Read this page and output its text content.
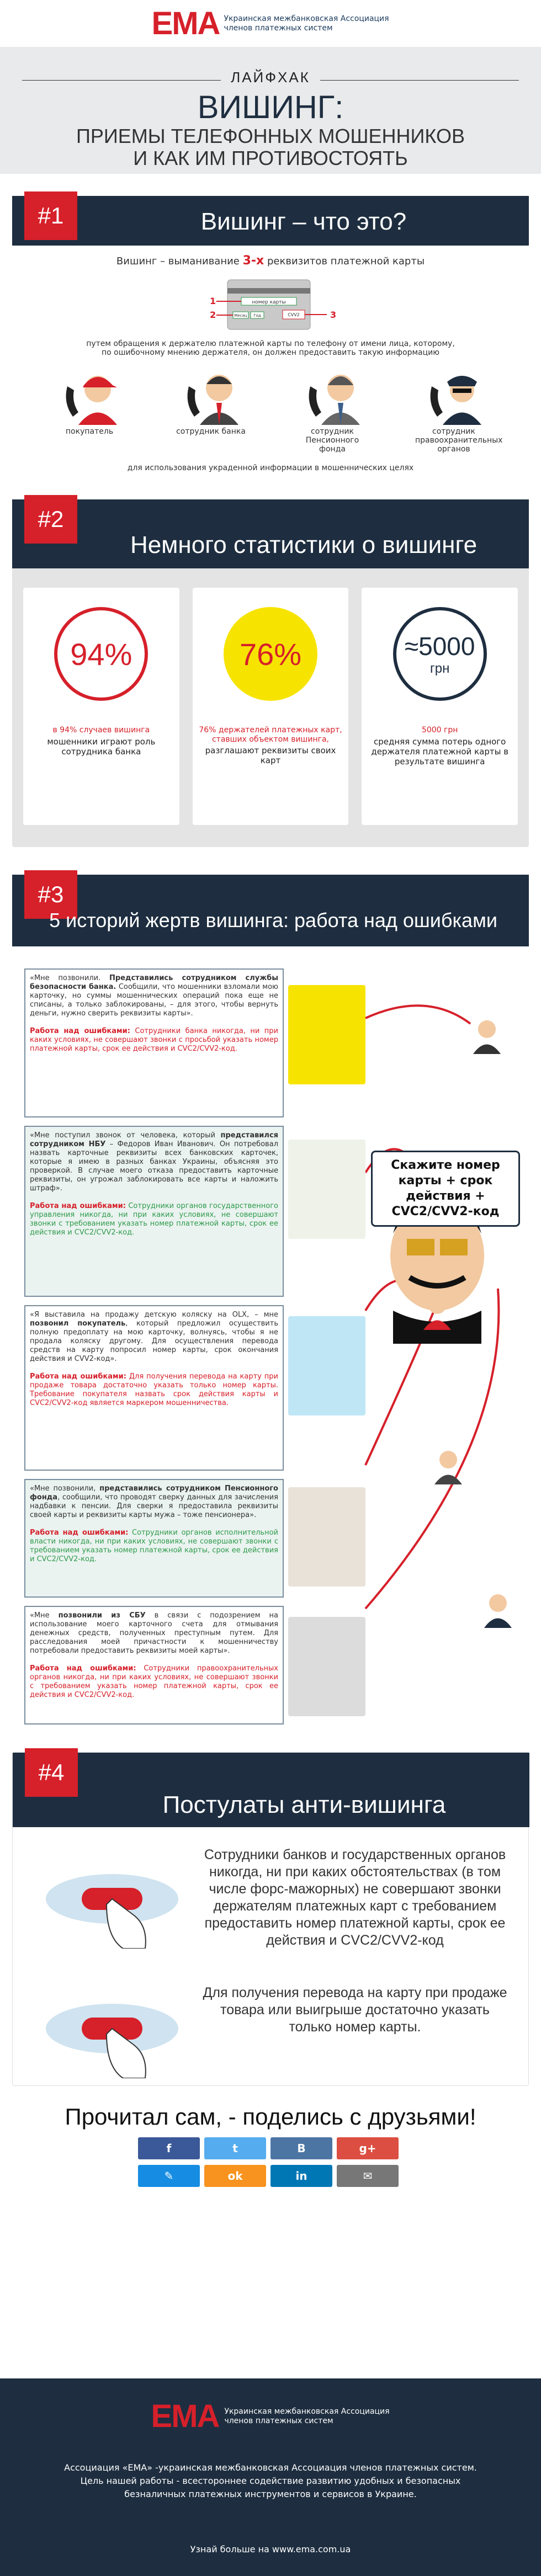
ЕМА Украинская межбанковская Ассоциация членов платежных систем
ЛАЙФХАК
ВИШИНГ:
ПРИЕМЫ ТЕЛЕФОННЫХ МОШЕННИКОВ
И КАК ИМ ПРОТИВОСТОЯТЬ
#1	Вишинг – что это?
Вишинг – выманивание 3-х реквизитов платежной карты
номер карты
Месяц Год	CVV2
1
2	3
путем обращения к держателю платежной карты по телефону от имени лица, которому,
по ошибочному мнению держателя, он должен предоставить такую информацию
покупатель	сотрудник банка	сотрудник Пенсионного фонда
сотрудник правоохранительных органов
для использования украденной информации в мошеннических целях
#2
Немного статистики о вишинге
94%
в 94% случаев вишинга
мошенники играют роль сотрудника банка
76%
76% держателей платежных карт, ставших объектом вишинга,
разглашают реквизиты своих карт
≈5000
грн
5000 грн
средняя сумма потерь одного держателя платежной карты в результате вишинга
#3
5 историй жертв вишинга: работа над ошибками
Скажите номер карты + срок действия + CVC2/CVV2-код
«Мне позвонили. Представились сотрудником службы безопасности банка. Сообщили, что мошенники взломали мою карточку, но суммы мошеннических операций пока еще не списаны, а только заблокированы, – для этого, чтобы вернуть деньги, нужно сверить реквизиты карты».

Работа над ошибками: Сотрудники банка никогда, ни при каких условиях, не совершают звонки с просьбой указать номер платежной карты, срок ее действия и CVC2/CVV2-код.
«Мне поступил звонок от человека, который представился сотрудником НБУ – Федоров Иван Иванович. Он потребовал назвать карточные реквизиты всех банковских карточек, которые я имею в разных банках Украины, объясняя это проверкой. В случае моего отказа предоставить карточные реквизиты, он угрожал заблокировать все карты и наложить штраф».

Работа над ошибками: Сотрудники органов государственного управления никогда, ни при каких условиях, не совершают звонки с требованием указать номер платежной карты, срок ее действия и CVC2/CVV2-код.
«Я выставила на продажу детскую коляску на OLX, – мне позвонил покупатель, который предложил осуществить полную предоплату на мою карточку, волнуясь, чтобы я не продала коляску другому. Для осуществления перевода средств на карту попросил номер карты, срок окончания действия и CVV2-код».

Работа над ошибками: Для получения перевода на карту при продаже товара достаточно указать только номер карты. Требование покупателя назвать срок действия карты и CVC2/CVV2-код является маркером мошенничества.
«Мне позвонили, представились сотрудником Пенсионного фонда, сообщили, что проводят сверку данных для зачисления надбавки к пенсии. Для сверки я предоставила реквизиты своей карты и реквизиты карты мужа – тоже пенсионера».

Работа над ошибками: Сотрудники органов исполнительной власти никогда, ни при каких условиях, не совершают звонки с требованием указать номер платежной карты, срок ее действия и CVC2/CVV2-код.
«Мне позвонили из СБУ в связи с подозрением на использование моего карточного счета для отмывания денежных средств, полученных преступным путем. Для расследования моей причастности к мошенничеству потребовали предоставить реквизиты моей карты».

Работа над ошибками: Сотрудники правоохранительных органов никогда, ни при каких условиях, не совершают звонки с требованием указать номер платежной карты, срок ее действия и CVC2/CVV2-код.
#4
Постулаты анти-вишинга
Сотрудники банков и государственных органов никогда, ни при каких обстоятельствах (в том числе форс-мажорных) не совершают звонки держателям платежных карт с требованием предоставить номер платежной карты, срок ее действия и CVC2/CVV2-код
Для получения перевода на карту при продаже товара или выигрыше достаточно указать только номер карты.
Прочитал сам, - поделись с друзьями!
f	t	B	g+
✎	ok	in	✉
ЕМА Украинская межбанковская Ассоциация членов платежных систем
Ассоциация «ЕМА» -украинская межбанковская Ассоциация членов платежных систем.
Цель нашей работы - всестороннее содействие развитию удобных и безопасных
безналичных платежных инструментов и сервисов в Украине.
Узнай больше на www.ema.com.ua
